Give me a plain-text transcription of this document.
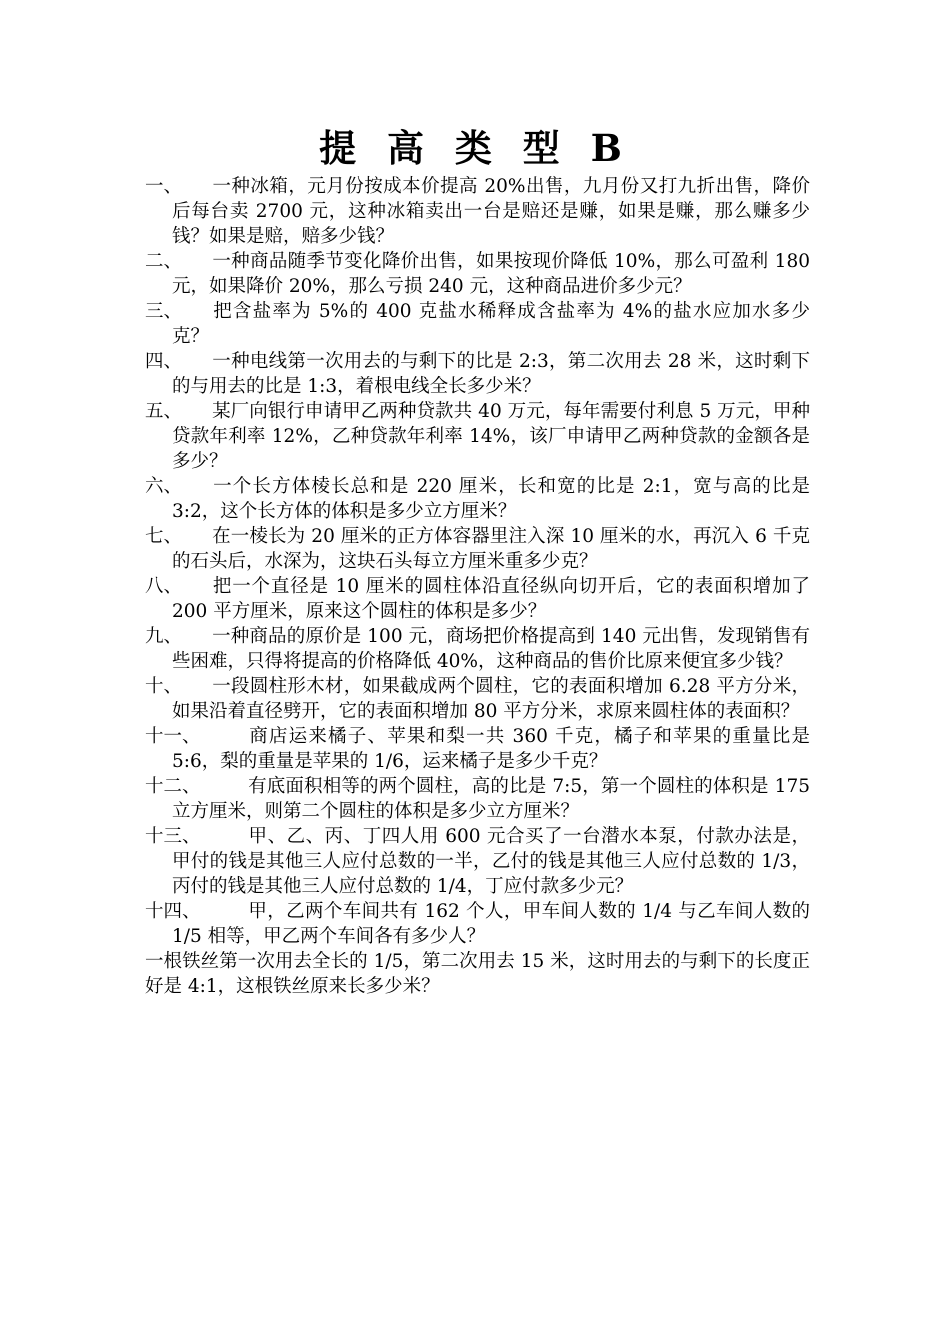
提 高 类 型 B
一、	一种冰箱，元月份按成本价提高 20%出售，九月份又打九折出售，降价后每台卖 2700 元，这种冰箱卖出一台是赔还是赚，如果是赚，那么赚多少钱？如果是赔，赔多少钱？
二、	一种商品随季节变化降价出售，如果按现价降低 10%，那么可盈利 180 元，如果降价 20%，那么亏损 240 元，这种商品进价多少元？
三、	把含盐率为 5%的 400 克盐水稀释成含盐率为 4%的盐水应加水多少克？
四、	一种电线第一次用去的与剩下的比是 2:3，第二次用去 28 米，这时剩下的与用去的比是 1:3，着根电线全长多少米？
五、	某厂向银行申请甲乙两种贷款共 40 万元，每年需要付利息 5 万元，甲种贷款年利率 12%，乙种贷款年利率 14%，该厂申请甲乙两种贷款的金额各是多少？
六、	一个长方体棱长总和是 220 厘米，长和宽的比是 2:1，宽与高的比是 3:2，这个长方体的体积是多少立方厘米？
七、	在一棱长为 20 厘米的正方体容器里注入深 10 厘米的水，再沉入 6 千克的石头后，水深为，这块石头每立方厘米重多少克？
八、	把一个直径是 10 厘米的圆柱体沿直径纵向切开后，它的表面积增加了 200 平方厘米，原来这个圆柱的体积是多少？
九、	一种商品的原价是 100 元，商场把价格提高到 140 元出售，发现销售有些困难，只得将提高的价格降低 40%，这种商品的售价比原来便宜多少钱？
十、	一段圆柱形木材，如果截成两个圆柱，它的表面积增加 6.28 平方分米，如果沿着直径劈开，它的表面积增加 80 平方分米，求原来圆柱体的表面积？
十一、	商店运来橘子、苹果和梨一共 360 千克，橘子和苹果的重量比是 5:6，梨的重量是苹果的 1/6，运来橘子是多少千克？
十二、	有底面积相等的两个圆柱，高的比是 7:5，第一个圆柱的体积是 175 立方厘米，则第二个圆柱的体积是多少立方厘米？
十三、	甲、乙、丙、丁四人用 600 元合买了一台潜水本泵，付款办法是，甲付的钱是其他三人应付总数的一半，乙付的钱是其他三人应付总数的 1/3，丙付的钱是其他三人应付总数的 1/4，丁应付款多少元？
十四、	甲，乙两个车间共有 162 个人，甲车间人数的 1/4 与乙车间人数的 1/5 相等，甲乙两个车间各有多少人？
一根铁丝第一次用去全长的 1/5，第二次用去 15 米，这时用去的与剩下的长度正好是 4:1，这根铁丝原来长多少米？
